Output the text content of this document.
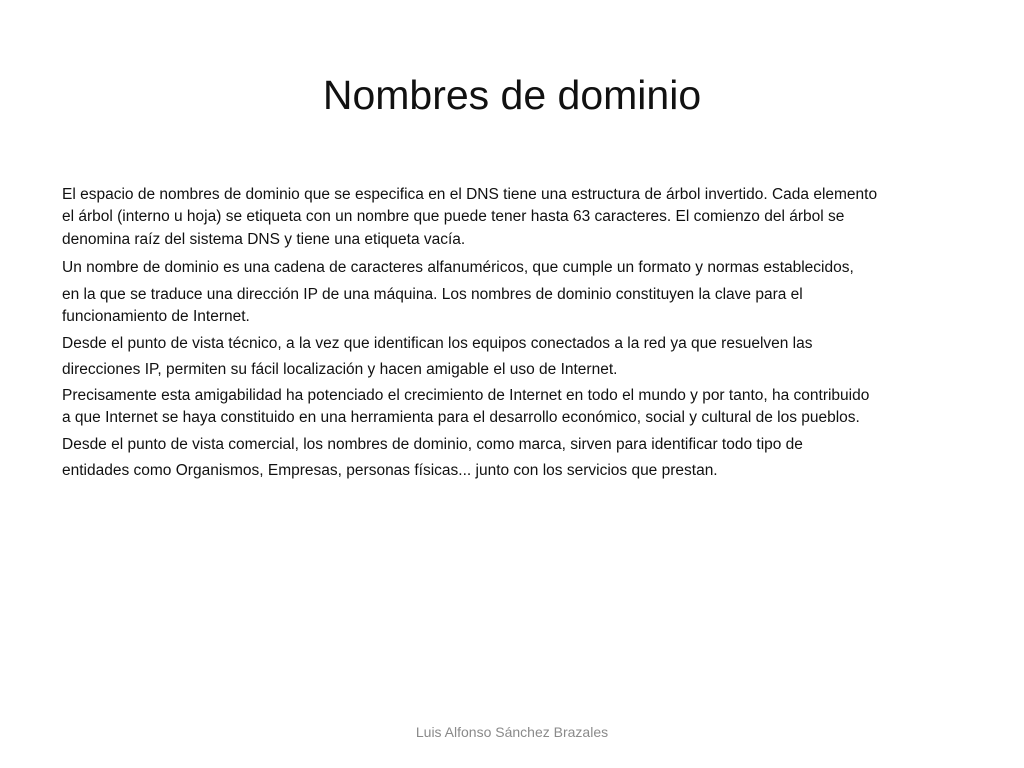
Nombres de dominio
El espacio de nombres de dominio que se especifica en el DNS tiene una estructura de árbol invertido. Cada elemento
el árbol (interno u hoja) se etiqueta con un nombre que puede tener hasta 63 caracteres. El comienzo del árbol se
denomina raíz del sistema DNS y tiene una etiqueta vacía.
Un nombre de dominio es una cadena de caracteres alfanuméricos, que cumple un formato y normas establecidos,
en la que se traduce una dirección IP de una máquina. Los nombres de dominio constituyen la clave para el
funcionamiento de Internet.
Desde el punto de vista técnico, a la vez que identifican los equipos conectados a la red ya que resuelven las
direcciones IP, permiten su fácil localización y hacen amigable el uso de Internet.
Precisamente esta amigabilidad ha potenciado el crecimiento de Internet en todo el mundo y por tanto, ha contribuido
a que Internet se haya constituido en una herramienta para el desarrollo económico, social y cultural de los pueblos.
Desde el punto de vista comercial, los nombres de dominio, como marca, sirven para identificar todo tipo de
entidades como Organismos, Empresas, personas físicas... junto con los servicios que prestan.
Luis Alfonso Sánchez Brazales
